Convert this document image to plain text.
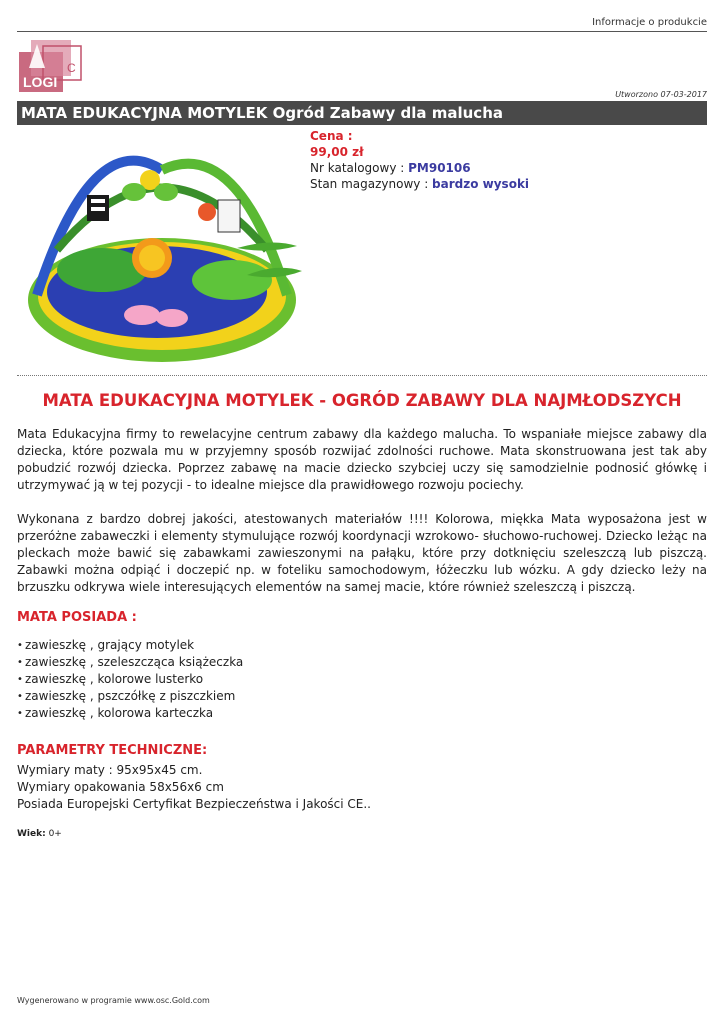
Informacje o produkcie
LOGI
C
Utworzono 07-03-2017
MATA EDUKACYJNA MOTYLEK Ogród Zabawy dla malucha
Cena :
99,00 zł
Nr katalogowy : PM90106
Stan magazynowy : bardzo wysoki
MATA EDUKACYJNA MOTYLEK - OGRÓD ZABAWY DLA NAJMŁODSZYCH
Mata Edukacyjna firmy to rewelacyjne centrum zabawy dla każdego malucha. To wspaniałe miejsce zabawy dla dziecka, które pozwala mu w przyjemny sposób rozwijać zdolności ruchowe. Mata skonstruowana jest tak aby pobudzić rozwój dziecka. Poprzez zabawę na macie dziecko szybciej uczy się samodzielnie podnosić główkę i utrzymywać ją w tej pozycji - to idealne miejsce dla prawidłowego rozwoju pociechy.
Wykonana z bardzo dobrej jakości, atestowanych materiałów !!!! Kolorowa, miękka Mata wyposażona jest w przeróżne zabaweczki i elementy stymulujące rozwój koordynacji wzrokowo- słuchowo-ruchowej. Dziecko leżąc na pleckach może bawić się zabawkami zawieszonymi na pałąku, które przy dotknięciu szeleszczą lub piszczą. Zabawki można odpiąć i doczepić np. w foteliku samochodowym, łóżeczku lub wózku. A gdy dziecko leży na brzuszku odkrywa wiele interesujących elementów na samej macie, które również szeleszczą i piszczą.
MATA POSIADA :
• zawieszkę , grający motylek
• zawieszkę , szeleszcząca książeczka
• zawieszkę , kolorowe lusterko
• zawieszkę , pszczółkę z piszczkiem
• zawieszkę , kolorowa karteczka
PARAMETRY TECHNICZNE:
Wymiary maty : 95x95x45 cm.
Wymiary opakowania 58x56x6 cm
Posiada Europejski Certyfikat Bezpieczeństwa i Jakości CE..
Wiek: 0+
Wygenerowano w programie www.osc.Gold.com
